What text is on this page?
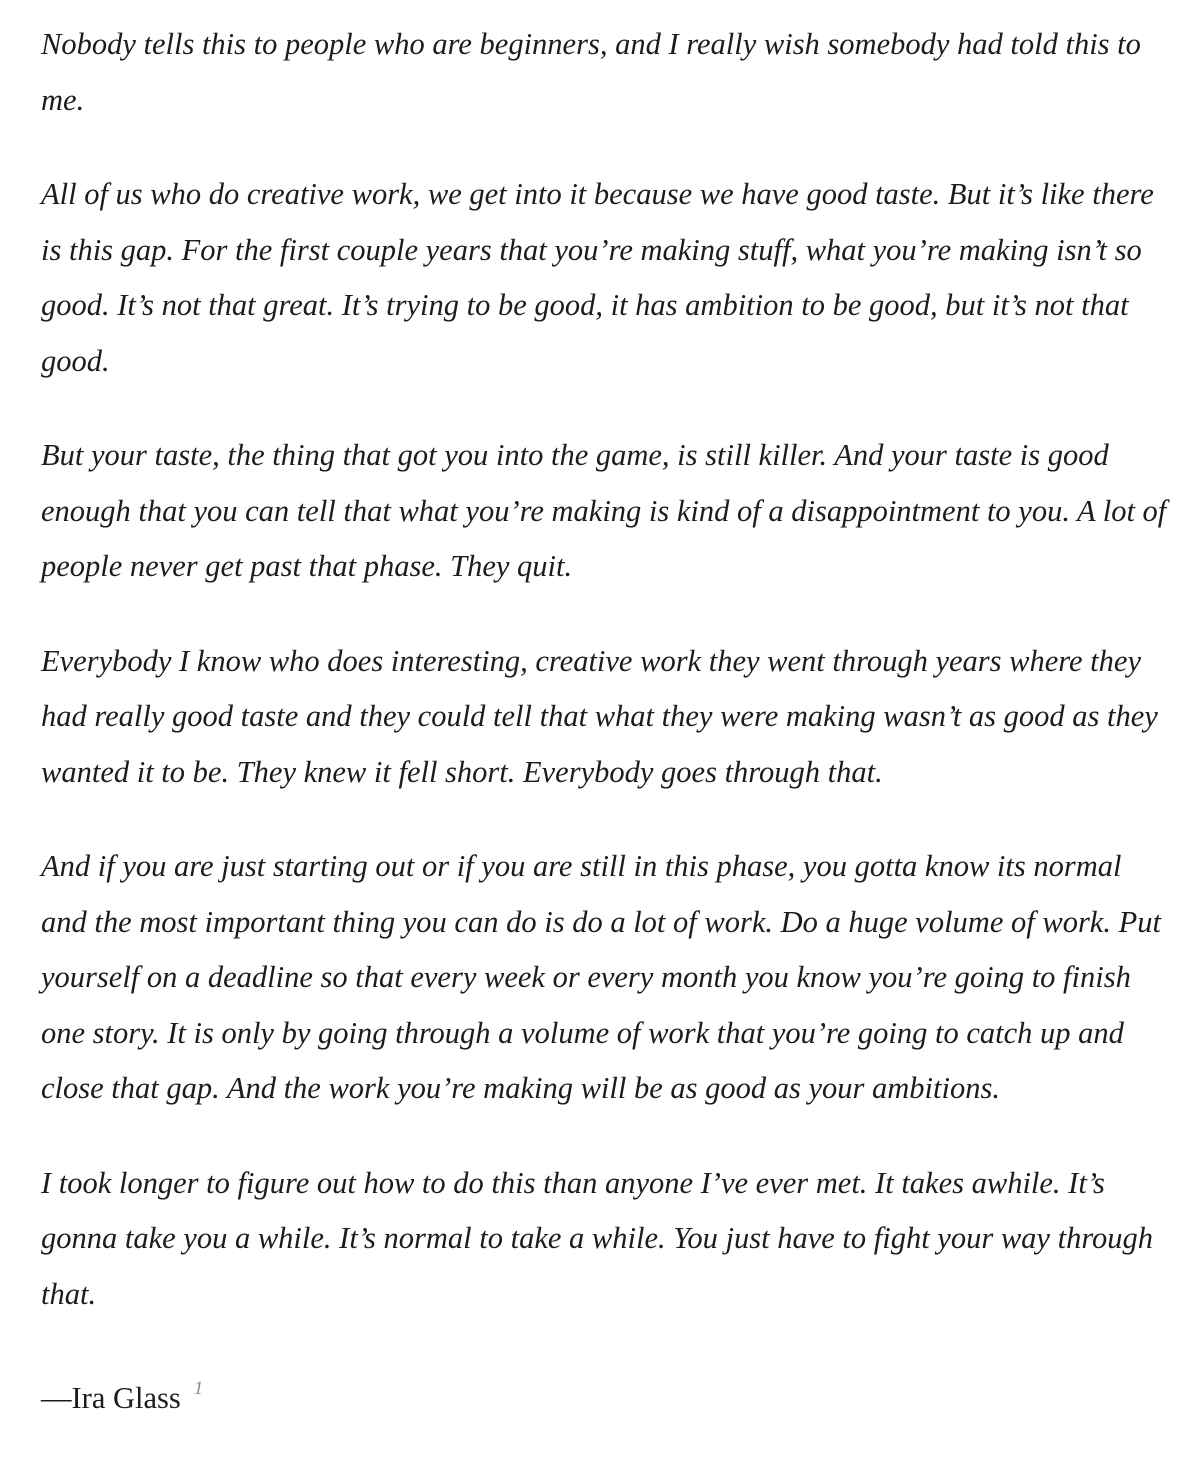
Nobody tells this to people who are beginners, and I really wish somebody had told this to me.

All of us who do creative work, we get into it because we have good taste. But it’s like there is this gap. For the first couple years that you’re making stuff, what you’re making isn’t so good. It’s not that great. It’s trying to be good, it has ambition to be good, but it’s not that good.

But your taste, the thing that got you into the game, is still killer. And your taste is good enough that you can tell that what you’re making is kind of a disappointment to you. A lot of people never get past that phase. They quit.

Everybody I know who does interesting, creative work they went through years where they had really good taste and they could tell that what they were making wasn’t as good as they wanted it to be. They knew it fell short. Everybody goes through that.

And if you are just starting out or if you are still in this phase, you gotta know its normal and the most important thing you can do is do a lot of work. Do a huge volume of work. Put yourself on a deadline so that every week or every month you know you’re going to finish one story. It is only by going through a volume of work that you’re going to catch up and close that gap. And the work you’re making will be as good as your ambitions.

I took longer to figure out how to do this than anyone I’ve ever met. It takes awhile. It’s gonna take you a while. It’s normal to take a while. You just have to fight your way through that.

—Ira Glass $^1$
